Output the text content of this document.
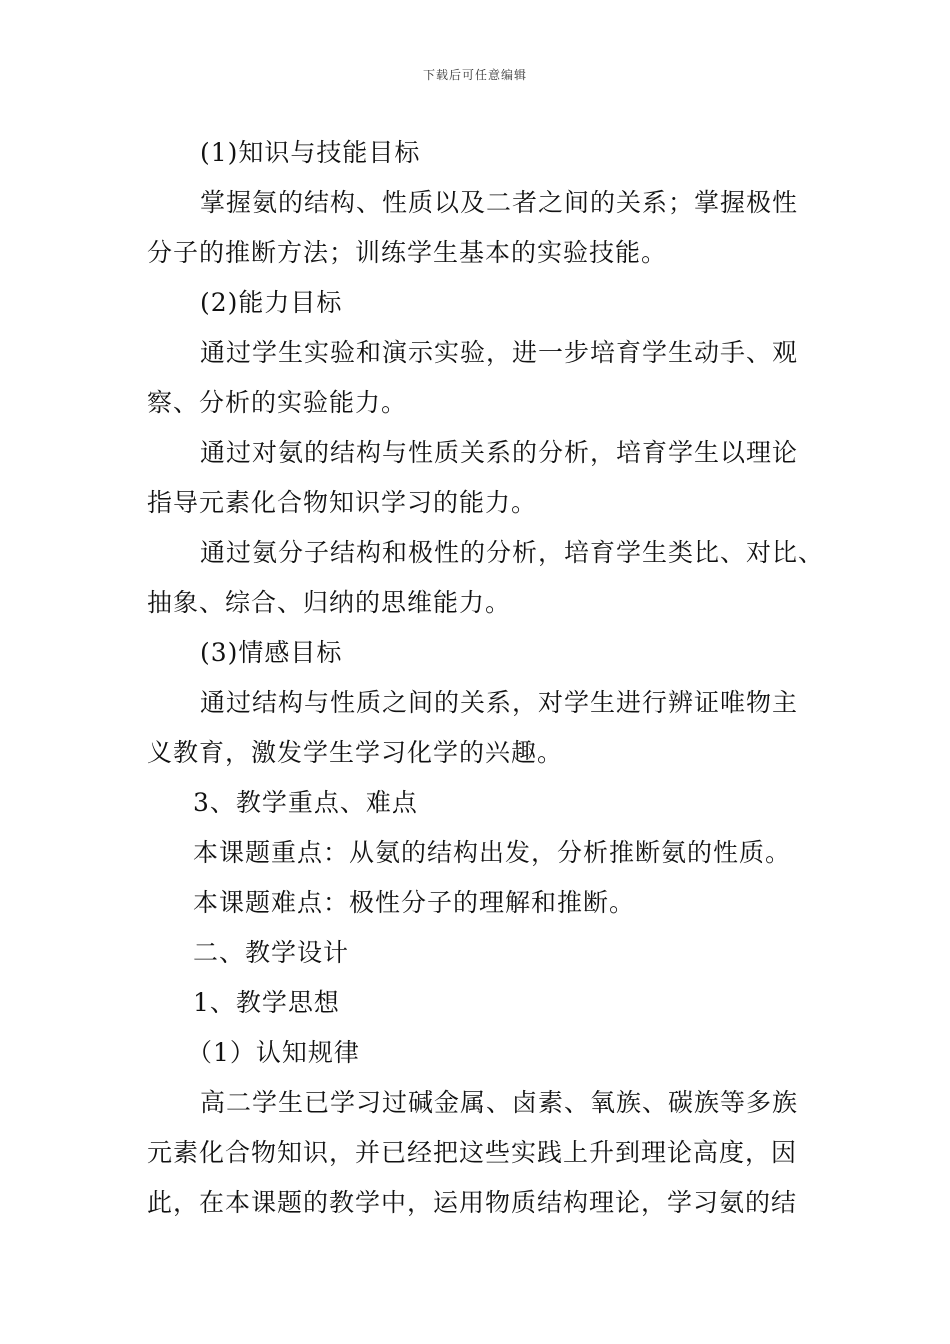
下载后可任意编辑
(1)知识与技能目标
掌握氨的结构、性质以及二者之间的关系；掌握极性
分子的推断方法；训练学生基本的实验技能。
(2)能力目标
通过学生实验和演示实验，进一步培育学生动手、观
察、分析的实验能力。
通过对氨的结构与性质关系的分析，培育学生以理论
指导元素化合物知识学习的能力。
通过氨分子结构和极性的分析，培育学生类比、对比、
抽象、综合、归纳的思维能力。
(3)情感目标
通过结构与性质之间的关系，对学生进行辨证唯物主
义教育，激发学生学习化学的兴趣。
3、教学重点、难点
本课题重点：从氨的结构出发，分析推断氨的性质。
本课题难点：极性分子的理解和推断。
二、教学设计
1、教学思想
（1）认知规律
高二学生已学习过碱金属、卤素、氧族、碳族等多族
元素化合物知识，并已经把这些实践上升到理论高度，因
此，在本课题的教学中，运用物质结构理论，学习氨的结
